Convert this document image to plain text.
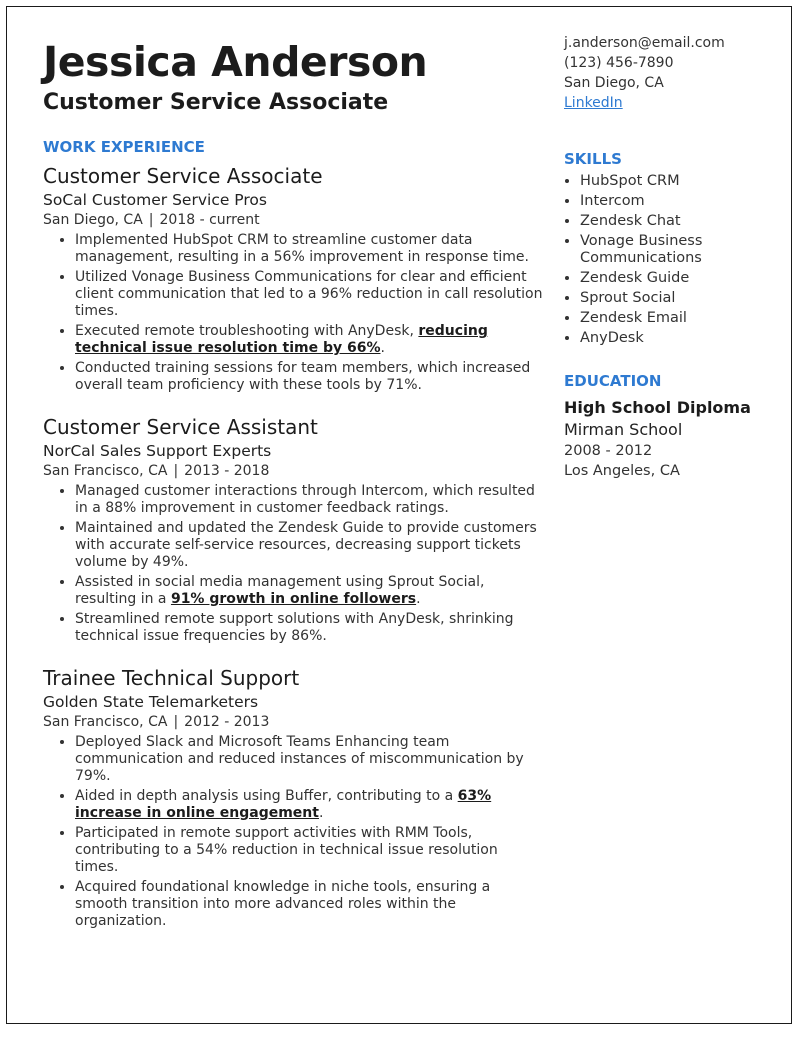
Jessica Anderson
Customer Service Associate
WORK EXPERIENCE
Customer Service Associate
SoCal Customer Service Pros
San Diego, CA | 2018 - current
• Implemented HubSpot CRM to streamline customer data management, resulting in a 56% improvement in response time.
• Utilized Vonage Business Communications for clear and efficient client communication that led to a 96% reduction in call resolution times.
• Executed remote troubleshooting with AnyDesk, reducing technical issue resolution time by 66%.
• Conducted training sessions for team members, which increased overall team proficiency with these tools by 71%.
Customer Service Assistant
NorCal Sales Support Experts
San Francisco, CA | 2013 - 2018
• Managed customer interactions through Intercom, which resulted in a 88% improvement in customer feedback ratings.
• Maintained and updated the Zendesk Guide to provide customers with accurate self-service resources, decreasing support tickets volume by 49%.
• Assisted in social media management using Sprout Social, resulting in a 91% growth in online followers.
• Streamlined remote support solutions with AnyDesk, shrinking technical issue frequencies by 86%.
Trainee Technical Support
Golden State Telemarketers
San Francisco, CA | 2012 - 2013
• Deployed Slack and Microsoft Teams Enhancing team communication and reduced instances of miscommunication by 79%.
• Aided in depth analysis using Buffer, contributing to a 63% increase in online engagement.
• Participated in remote support activities with RMM Tools, contributing to a 54% reduction in technical issue resolution times.
• Acquired foundational knowledge in niche tools, ensuring a smooth transition into more advanced roles within the organization.
j.anderson@email.com
(123) 456-7890
San Diego, CA
LinkedIn
SKILLS
• HubSpot CRM
• Intercom
• Zendesk Chat
• Vonage Business Communications
• Zendesk Guide
• Sprout Social
• Zendesk Email
• AnyDesk
EDUCATION
High School Diploma
Mirman School
2008 - 2012
Los Angeles, CA
